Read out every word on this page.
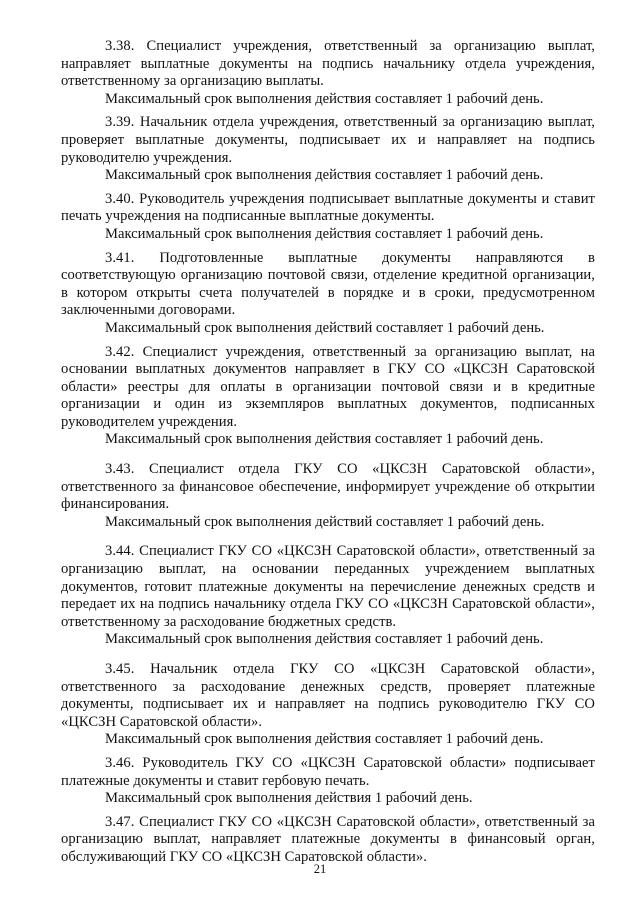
3.38. Специалист учреждения, ответственный за организацию выплат, направляет выплатные документы на подпись начальнику отдела учреждения, ответственному за организацию выплаты.

Максимальный срок выполнения действия составляет 1 рабочий день.

3.39. Начальник отдела учреждения, ответственный за организацию выплат, проверяет выплатные документы, подписывает их и направляет на подпись руководителю учреждения.

Максимальный срок выполнения действия составляет 1 рабочий день.

3.40. Руководитель учреждения подписывает выплатные документы и ставит печать учреждения на подписанные выплатные документы.

Максимальный срок выполнения действия составляет 1 рабочий день.

3.41. Подготовленные выплатные документы направляются в соответствующую организацию почтовой связи, отделение кредитной организации, в котором открыты счета получателей в порядке и в сроки, предусмотренном заключенными договорами.

Максимальный срок выполнения действий составляет 1 рабочий день.

3.42. Специалист учреждения, ответственный за организацию выплат, на основании выплатных документов направляет в ГКУ СО «ЦКСЗН Саратовской области» реестры для оплаты в организации почтовой связи и в кредитные организации и один из экземпляров выплатных документов, подписанных руководителем учреждения.

Максимальный срок выполнения действия составляет 1 рабочий день.

3.43. Специалист отдела ГКУ СО «ЦКСЗН Саратовской области», ответственного за финансовое обеспечение, информирует учреждение об открытии финансирования.

Максимальный срок выполнения действий составляет 1 рабочий день.

3.44. Специалист ГКУ СО «ЦКСЗН Саратовской области», ответственный за организацию выплат, на основании переданных учреждением выплатных документов, готовит платежные документы на перечисление денежных средств и передает их на подпись начальнику отдела ГКУ СО «ЦКСЗН Саратовской области», ответственному за расходование бюджетных средств.

Максимальный срок выполнения действия составляет 1 рабочий день.

3.45. Начальник отдела ГКУ СО «ЦКСЗН Саратовской области», ответственного за расходование денежных средств, проверяет платежные документы, подписывает их и направляет на подпись руководителю ГКУ СО «ЦКСЗН Саратовской области».

Максимальный срок выполнения действия составляет 1 рабочий день.

3.46. Руководитель ГКУ СО «ЦКСЗН Саратовской области» подписывает платежные документы и ставит гербовую печать.

Максимальный срок выполнения действия 1 рабочий день.

3.47. Специалист ГКУ СО «ЦКСЗН Саратовской области», ответственный за организацию выплат, направляет платежные документы в финансовый орган, обслуживающий ГКУ СО «ЦКСЗН Саратовской области».

21
